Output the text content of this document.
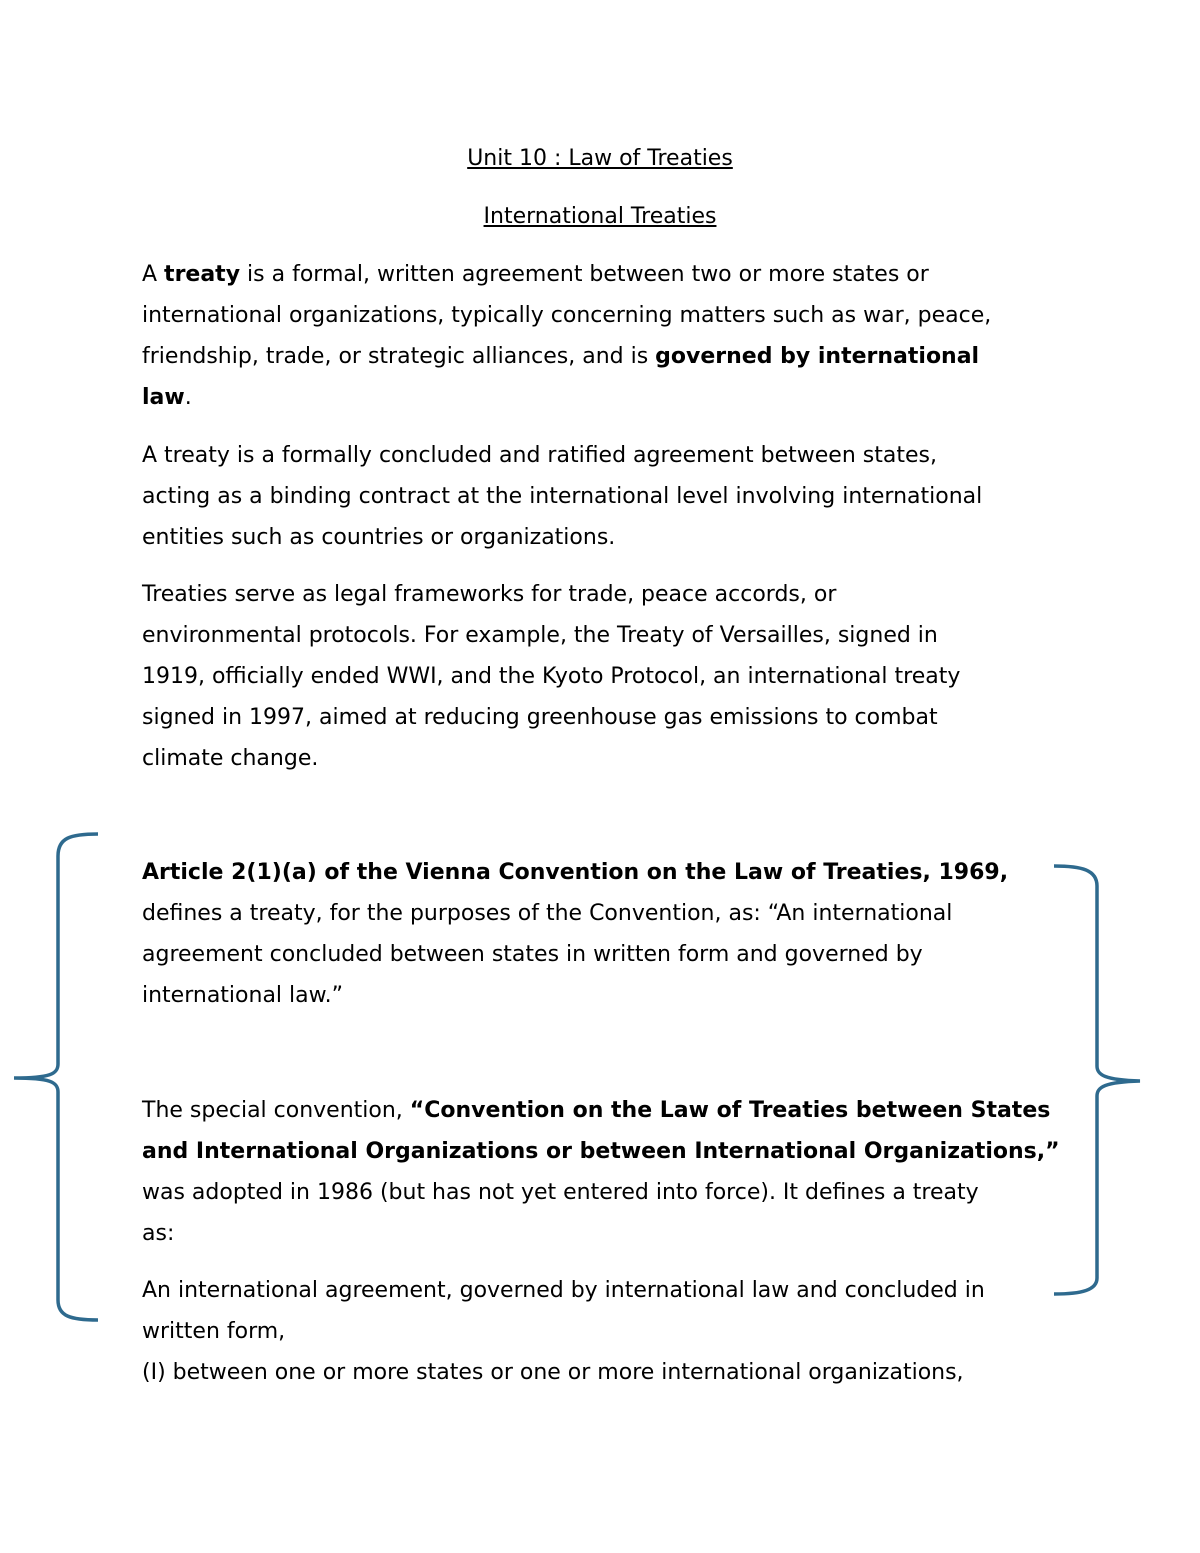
Unit 10 : Law of Treaties
International Treaties
A treaty is a formal, written agreement between two or more states or
international organizations, typically concerning matters such as war, peace,
friendship, trade, or strategic alliances, and is governed by international
law.
A treaty is a formally concluded and ratified agreement between states,
acting as a binding contract at the international level involving international
entities such as countries or organizations.
Treaties serve as legal frameworks for trade, peace accords, or
environmental protocols. For example, the Treaty of Versailles, signed in
1919, officially ended WWI, and the Kyoto Protocol, an international treaty
signed in 1997, aimed at reducing greenhouse gas emissions to combat
climate change.
Article 2(1)(a) of the Vienna Convention on the Law of Treaties, 1969,
defines a treaty, for the purposes of the Convention, as: “An international
agreement concluded between states in written form and governed by
international law.”
The special convention, “Convention on the Law of Treaties between States
and International Organizations or between International Organizations,”
was adopted in 1986 (but has not yet entered into force). It defines a treaty
as:
An international agreement, governed by international law and concluded in
written form,
(I) between one or more states or one or more international organizations,
